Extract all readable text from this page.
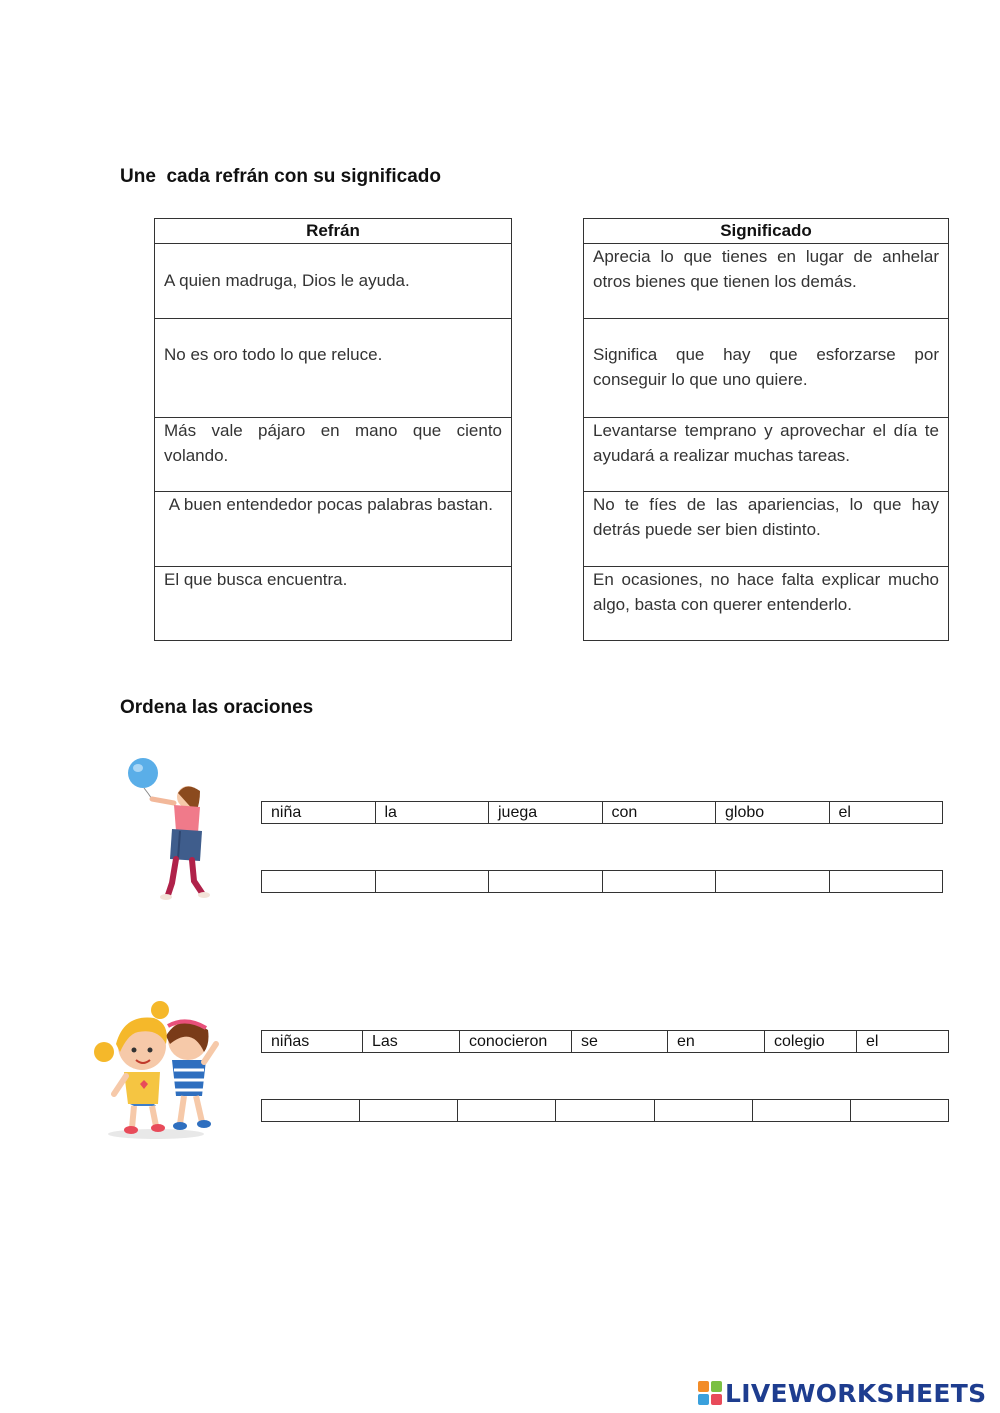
Une  cada refrán con su significado
Refrán

A quien madruga, Dios le ayuda.

No es oro todo lo que reluce.

Más vale pájaro en mano que ciento volando.

A buen entendedor pocas palabras bastan.

El que busca encuentra.
Significado

Aprecia lo que tienes en lugar de anhelar otros bienes que tienen los demás.

Significa que hay que esforzarse por  conseguir lo que uno quiere.

Levantarse temprano y aprovechar el día te ayudará a realizar muchas tareas.

No te fíes de las apariencias, lo que hay detrás puede ser bien distinto.

En ocasiones, no hace falta explicar mucho algo, basta con querer entenderlo.
Ordena las oraciones
niña	la	juega	con	globo	el

niñas	Las	conocieron	se	en	colegio	el

LIVEWORKSHEETS
